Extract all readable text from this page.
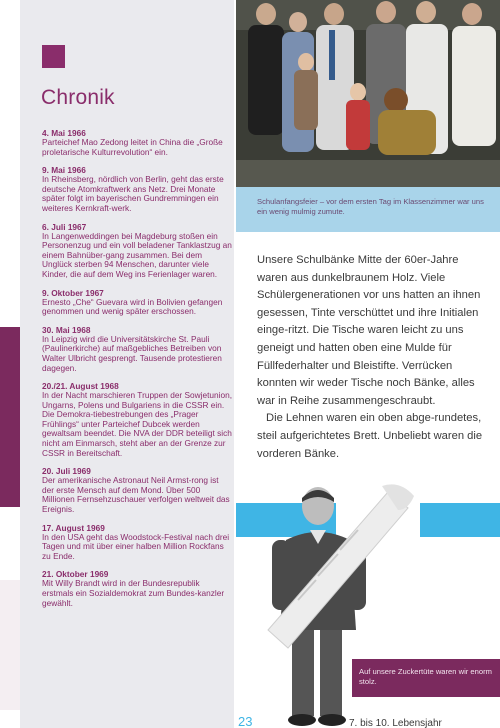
Chronik
4. Mai 1966
Parteichef Mao Zedong leitet in China die „Große proletarische Kulturrevolution“ ein.
9. Mai 1966
In Rheinsberg, nördlich von Berlin, geht das erste deutsche Atomkraftwerk ans Netz. Drei Monate später folgt im bayerischen Gundremmingen ein weiteres Kernkraft-werk.
6. Juli 1967
In Langenweddingen bei Magdeburg stoßen ein Personenzug und ein voll beladener Tanklastzug an einem Bahnüber-gang zusammen. Bei dem Unglück sterben 94 Menschen, darunter viele Kinder, die auf dem Weg ins Ferienlager waren.
9. Oktober 1967
Ernesto „Che“ Guevara wird in Bolivien gefangen genommen und wenig später erschossen.
30. Mai 1968
In Leipzig wird die Universitätskirche St. Pauli (Paulinerkirche) auf maßgebliches Betreiben von Walter Ulbricht gesprengt. Tausende protestieren dagegen.
20./21. August 1968
In der Nacht marschieren Truppen der Sowjetunion, Ungarns, Polens und Bulgariens in die CSSR ein. Die Demokra-tiebestrebungen des „Prager Frühlings“ unter Parteichef Dubcek werden gewaltsam beendet. Die NVA der DDR beteiligt sich nicht am Einmarsch, steht aber an der Grenze zur CSSR in Bereitschaft.
20. Juli 1969
Der amerikanische Astronaut Neil Armst-rong ist der erste Mensch auf dem Mond. Über 500 Millionen Fernsehzuschauer verfolgen weltweit das Ereignis.
17. August 1969
In den USA geht das Woodstock-Festival nach drei Tagen und mit über einer halben Million Rockfans zu Ende.
21. Oktober 1969
Mit Willy Brandt wird in der Bundesrepublik erstmals ein Sozialdemokrat zum Bundes-kanzler gewählt.

Schulanfangsfeier – vor dem ersten Tag im Klassenzimmer war uns ein wenig mulmig zumute.

Unsere Schulbänke Mitte der 60er-Jahre waren aus dunkelbraunem Holz. Viele Schülergenerationen vor uns hatten an ihnen gesessen, Tinte verschüttet und ihre Initialen einge-ritzt. Die Tische waren leicht zu uns geneigt und hatten oben eine Mulde für Füllfederhalter und Bleistifte. Verrücken konnten wir weder Tische noch Bänke, alles war in Reihe zusammengeschraubt.

Die Lehnen waren ein oben abge-rundetes, steil aufgerichtetes Brett. Unbeliebt waren die vorderen Bänke.

Auf unsere Zuckertüte waren wir enorm stolz.

23	7. bis 10. Lebensjahr
